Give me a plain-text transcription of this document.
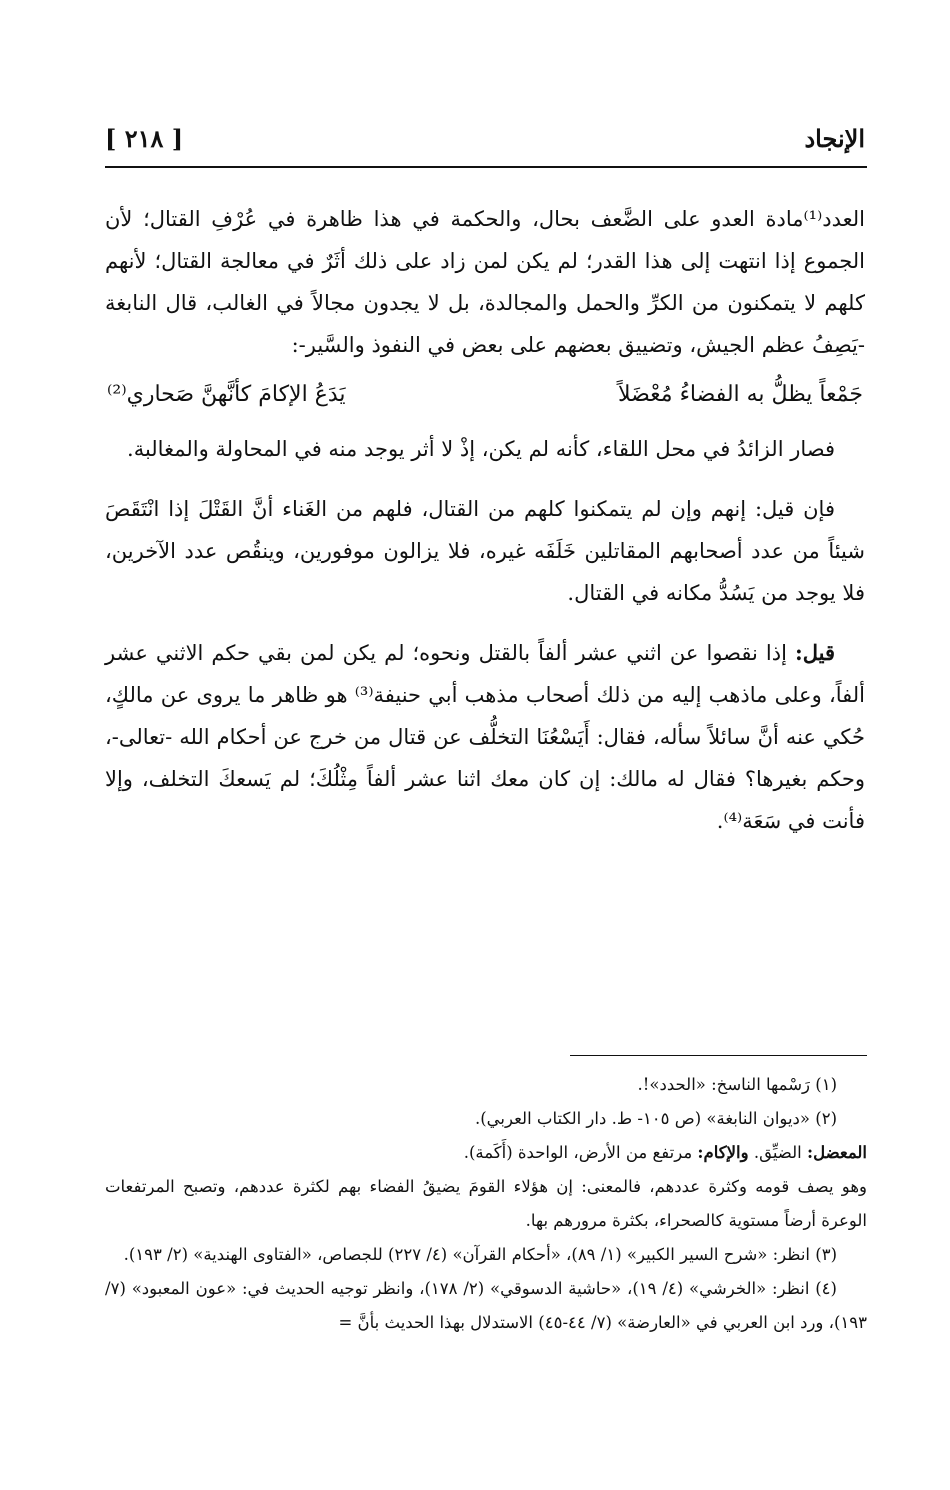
الإنجاد
[ ٢١٨ ]

العدد⁽¹⁾مادة العدو على الضَّعف بحال، والحكمة في هذا ظاهرة في عُرْفِ القتال؛ لأن الجموع إذا انتهت إلى هذا القدر؛ لم يكن لمن زاد على ذلك أثَرٌ في معالجة القتال؛ لأنهم كلهم لا يتمكنون من الكرِّ والحمل والمجالدة، بل لا يجدون مجالاً في الغالب، قال النابغة -يَصِفُ عظم الجيش، وتضييق بعضهم على بعض في النفوذ والسَّير-:

جَمْعاً يظلُّ به الفضاءُ مُعْضَلاً
يَدَعُ الإكامَ كأنَّهنَّ صَحاري⁽²⁾

فصار الزائدُ في محل اللقاء، كأنه لم يكن، إذْ لا أثر يوجد منه في المحاولة والمغالبة.

فإن قيل: إنهم وإن لم يتمكنوا كلهم من القتال، فلهم من الغَناء أنَّ القَتْلَ إذا انْتَقَصَ شيئاً من عدد أصحابهم المقاتلين خَلَفَه غيره، فلا يزالون موفورين، وينقُص عدد الآخرين، فلا يوجد من يَسُدُّ مكانه في القتال.

قيل: إذا نقصوا عن اثني عشر ألفاً بالقتل ونحوه؛ لم يكن لمن بقي حكم الاثني عشر ألفاً، وعلى ماذهب إليه من ذلك أصحاب مذهب أبي حنيفة⁽³⁾ هو ظاهر ما يروى عن مالكٍ، حُكي عنه أنَّ سائلاً سأله، فقال: أَيَسْعُنَا التخلُّف عن قتال من خرج عن أحكام الله -تعالى-، وحكم بغيرها؟ فقال له مالك: إن كان معك اثنا عشر ألفاً مِثْلُكَ؛ لم يَسعكَ التخلف، وإلا فأنت في سَعَة⁽⁴⁾.

(١) رَسْمها الناسخ: «الحدد»!.

(٢) «ديوان النابغة» (ص ١٠٥- ط. دار الكتاب العربي).

المعضل: الضيِّق. والإكام: مرتفع من الأرض، الواحدة (أَكَمة).

وهو يصف قومه وكثرة عددهم، فالمعنى: إن هؤلاء القومَ يضيقُ الفضاء بهم لكثرة عددهم، وتصبح المرتفعات الوعرة أرضاً مستوية كالصحراء، بكثرة مرورهم بها.

(٣) انظر: «شرح السير الكبير» (١/ ٨٩)، «أحكام القرآن» (٤/ ٢٢٧) للجصاص، «الفتاوى الهندية» (٢/ ١٩٣).

(٤) انظر: «الخرشي» (٤/ ١٩)، «حاشية الدسوقي» (٢/ ١٧٨)، وانظر توجيه الحديث في: «عون المعبود» (٧/ ١٩٣)، ورد ابن العربي في «العارضة» (٧/ ٤٤-٤٥) الاستدلال بهذا الحديث بأنَّ =
